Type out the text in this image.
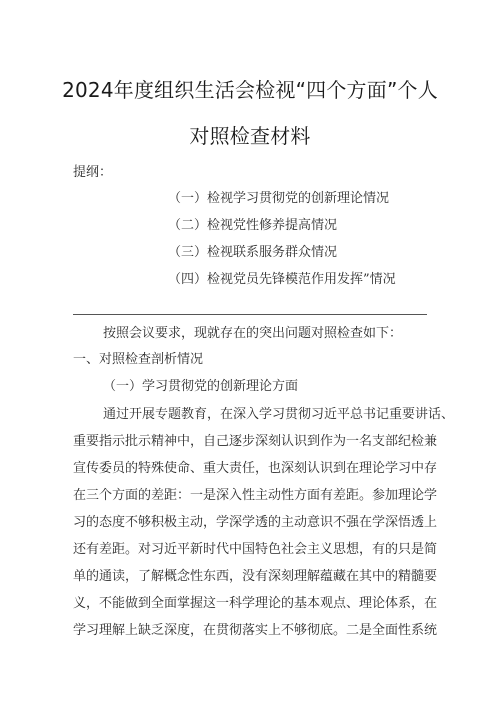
2024年度组织生活会检视“四个方面”个人
对照检查材料
提纲：
（一）检视学习贯彻党的创新理论情况
（二）检视党性修养提高情况
（三）检视联系服务群众情况
（四）检视党员先锋模范作用发挥”情况
按照会议要求，现就存在的突出问题对照检查如下：
一、对照检查剖析情况
（一）学习贯彻党的创新理论方面
通过开展专题教育，在深入学习贯彻习近平总书记重要讲话、
重要指示批示精神中，自己逐步深刻认识到作为一名支部纪检兼
宣传委员的特殊使命、重大责任，也深刻认识到在理论学习中存
在三个方面的差距：一是深入性主动性方面有差距。参加理论学
习的态度不够积极主动，学深学透的主动意识不强在学深悟透上
还有差距。对习近平新时代中国特色社会主义思想，有的只是简
单的通读，了解概念性东西，没有深刻理解蕴藏在其中的精髓要
义，不能做到全面掌握这一科学理论的基本观点、理论体系，在
学习理解上缺乏深度，在贯彻落实上不够彻底。二是全面性系统
